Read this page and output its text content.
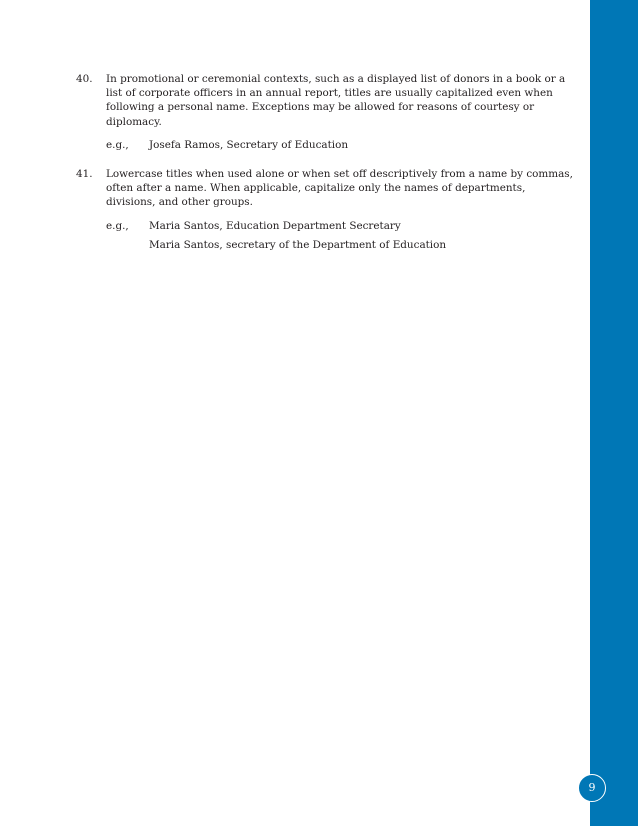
40.	In promotional or ceremonial contexts, such as a displayed list of donors in a book or a list of corporate officers in an annual report, titles are usually capitalized even when following a personal name. Exceptions may be allowed for reasons of courtesy or diplomacy.

e.g.,	Josefa Ramos, Secretary of Education
41.	Lowercase titles when used alone or when set off descriptively from a name by commas, often after a name. When applicable, capitalize only the names of departments, divisions, and other groups.

e.g.,	Maria Santos, Education Department Secretary
Maria Santos, secretary of the Department of Education
9
